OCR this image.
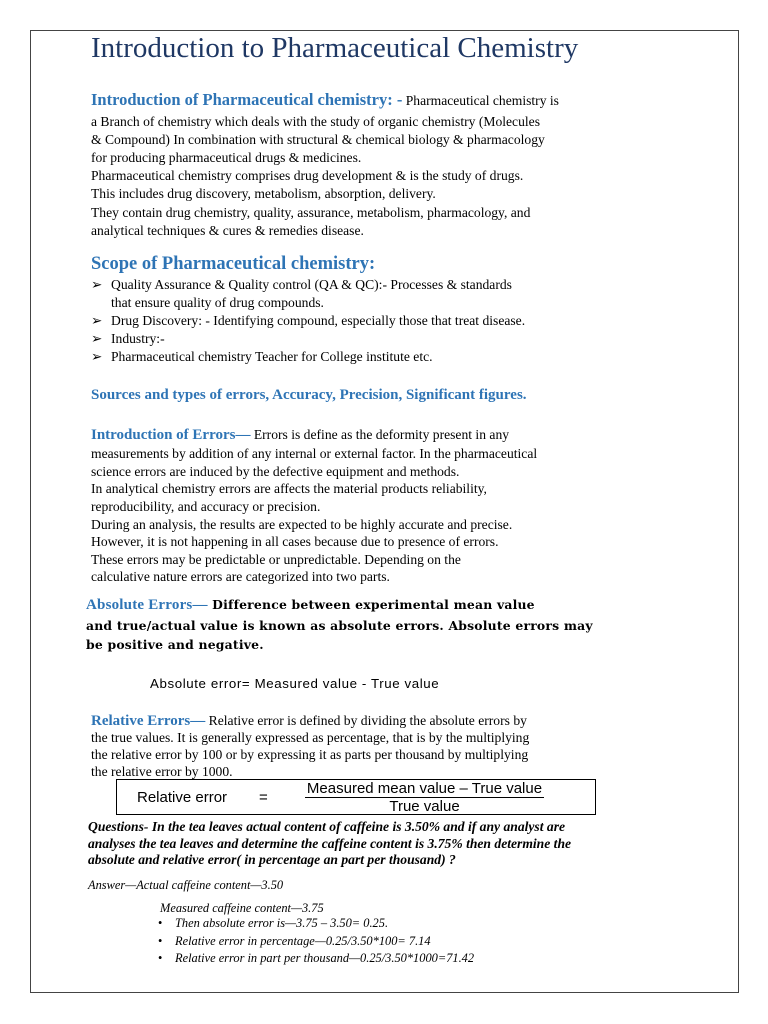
Introduction to Pharmaceutical Chemistry
Introduction of Pharmaceutical chemistry: - Pharmaceutical chemistry is
a Branch of chemistry which deals with the study of organic chemistry (Molecules
& Compound) In combination with structural & chemical biology & pharmacology
for producing pharmaceutical drugs & medicines.
Pharmaceutical chemistry comprises drug development & is the study of drugs.
This includes drug discovery, metabolism, absorption, delivery.
They contain drug chemistry, quality, assurance, metabolism, pharmacology, and
analytical techniques & cures & remedies disease.
Scope of Pharmaceutical chemistry:
➢ Quality Assurance & Quality control (QA & QC):- Processes & standards
that ensure quality of drug compounds.
➢ Drug Discovery: - Identifying compound, especially those that treat disease.
➢ Industry:-
➢ Pharmaceutical chemistry Teacher for College institute etc.
Sources and types of errors, Accuracy, Precision, Significant figures.
Introduction of Errors— Errors is define as the deformity present in any
measurements by addition of any internal or external factor. In the pharmaceutical
science errors are induced by the defective equipment and methods.
In analytical chemistry errors are affects the material products reliability,
reproducibility, and accuracy or precision.
During an analysis, the results are expected to be highly accurate and precise.
However, it is not happening in all cases because due to presence of errors.
These errors may be predictable or unpredictable. Depending on the
calculative nature errors are categorized into two parts.
Absolute Errors— Difference between experimental mean value
and true/actual value is known as absolute errors. Absolute errors may
be positive and negative.
Absolute error= Measured value - True value
Relative Errors— Relative error is defined by dividing the absolute errors by
the true values. It is generally expressed as percentage, that is by the multiplying
the relative error by 100 or by expressing it as parts per thousand by multiplying
the relative error by 1000.
Relative error =
Measured mean value – True value
True value
Questions- In the tea leaves actual content of caffeine is 3.50% and if any analyst are
analyses the tea leaves and determine the caffeine content is 3.75% then determine the
absolute and relative error( in percentage an part per thousand) ?
Answer—Actual caffeine content—3.50
Measured caffeine content—3.75
• Then absolute error is—3.75 – 3.50= 0.25.
• Relative error in percentage—0.25/3.50*100= 7.14
• Relative error in part per thousand—0.25/3.50*1000=71.42
